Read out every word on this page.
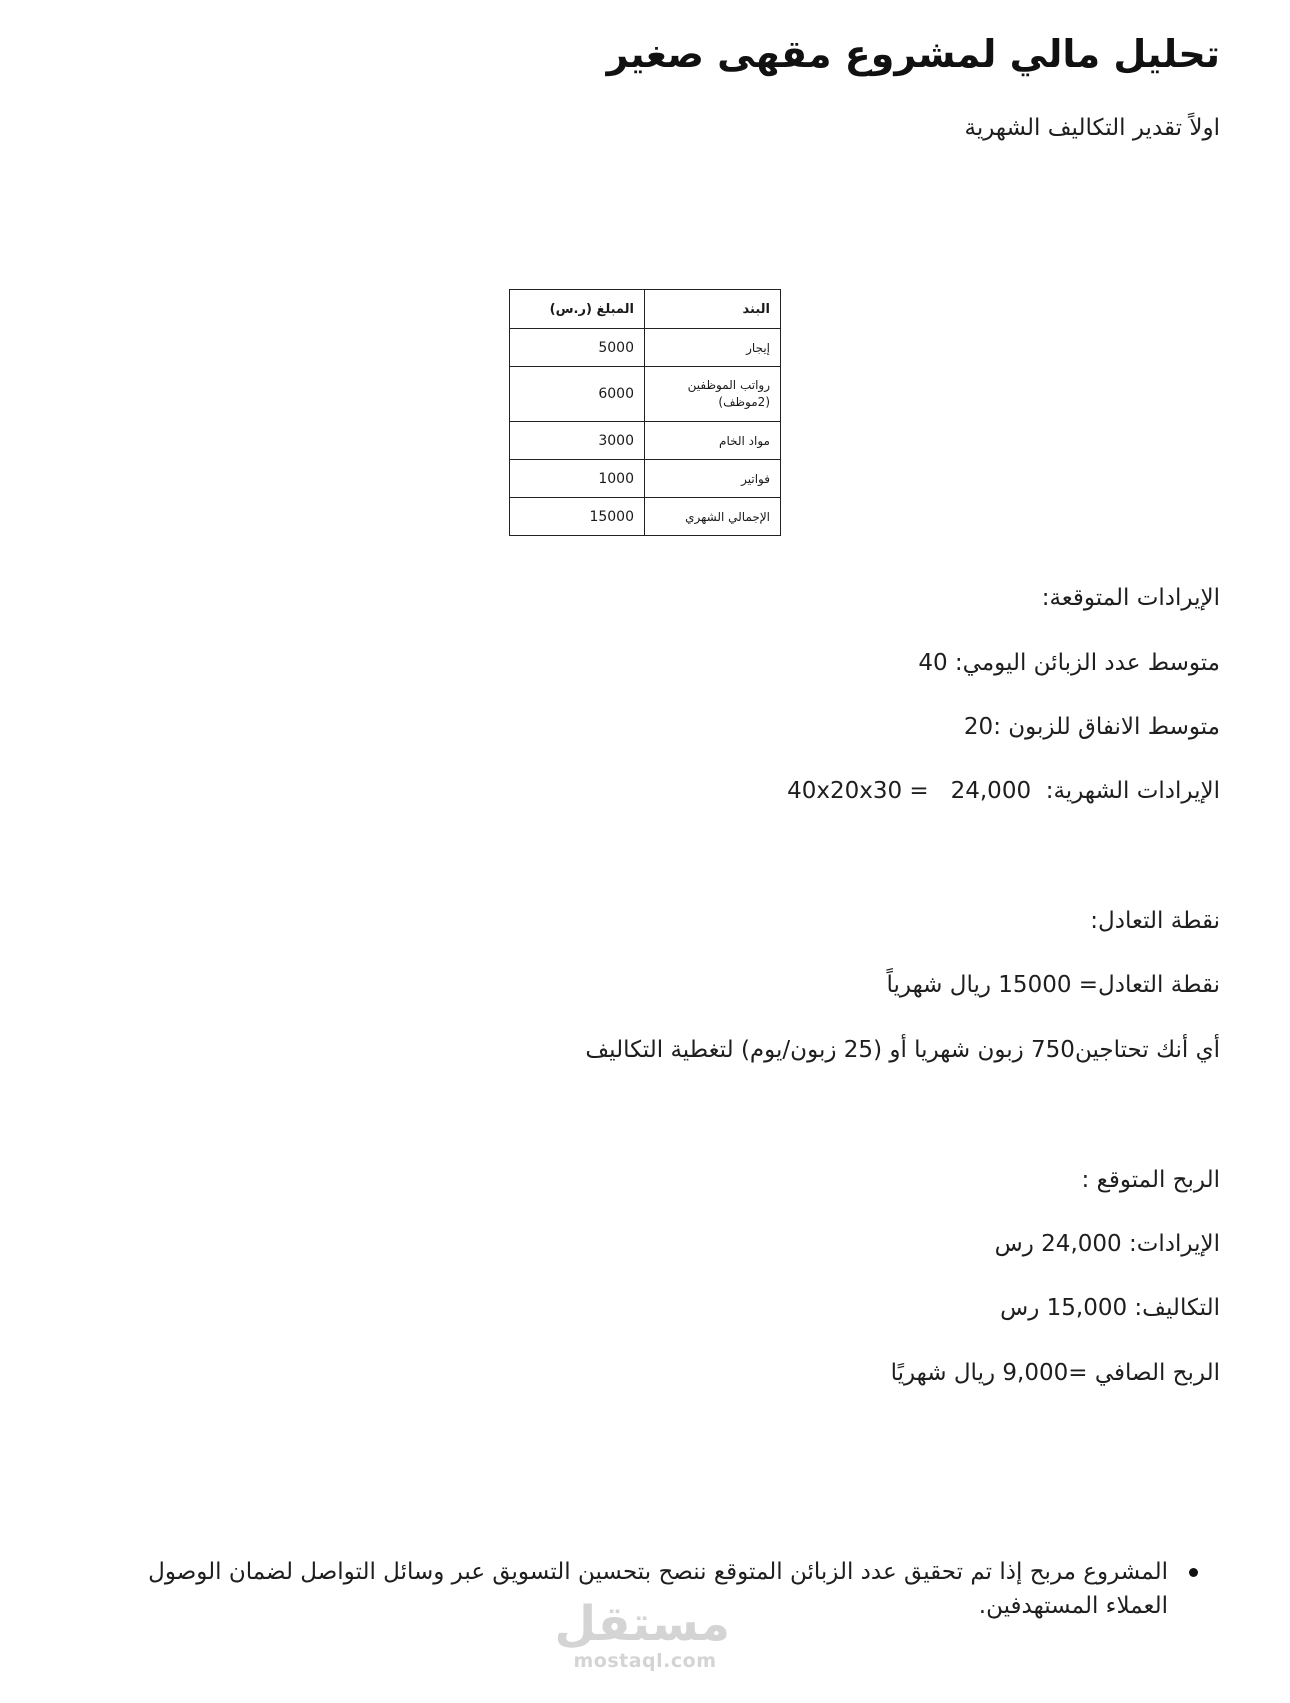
تحليل مالي لمشروع مقهى صغير
اولاً تقدير التكاليف الشهرية
البند	المبلغ (ر.س)
إيجار	5000
رواتب الموظفين (2موظف)	6000
مواد الخام	3000
فواتير	1000
الإجمالي الشهري	15000
الإيرادات المتوقعة:
متوسط عدد الزبائن اليومي: 40
متوسط الانفاق للزبون :20
الإيرادات الشهرية:  24,000   = 40x20x30
نقطة التعادل:
نقطة التعادل= 15000 ريال شهرياً
أي أنك تحتاجين750 زبون شهريا أو (25 زبون/يوم) لتغطية التكاليف
الربح المتوقع :
الإيرادات: 24,000 رس
التكاليف: 15,000 رس
الربح الصافي =9,000 ريال شهريًا
المشروع مربح إذا تم تحقيق عدد الزبائن المتوقع ننصح بتحسين التسويق عبر وسائل التواصل لضمان الوصول العملاء المستهدفين.
مستقل
mostaql.com
